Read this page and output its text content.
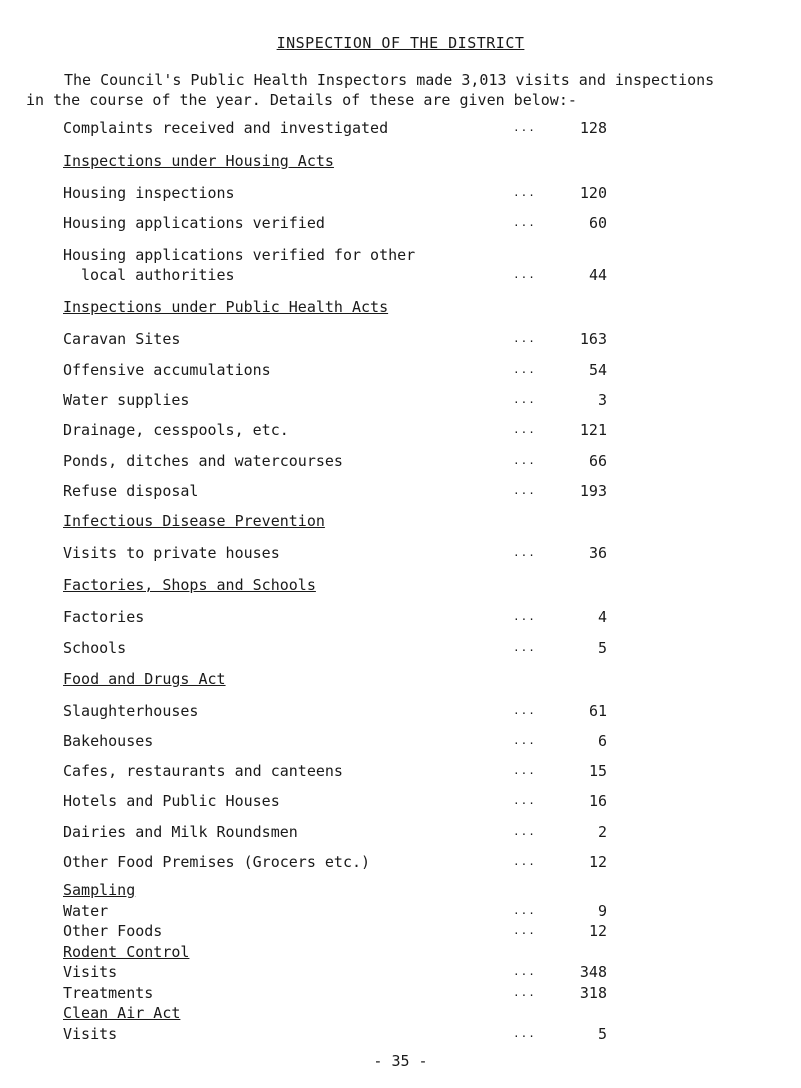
INSPECTION OF THE DISTRICT
The Council's Public Health Inspectors made 3,013 visits and inspections
in the course of the year. Details of these are given below:-
Complaints received and investigated	...	128
Inspections under Housing Acts
Housing inspections	...	120
Housing applications verified	...	60
Housing applications verified for other
local authorities	...	44
Inspections under Public Health Acts
Caravan Sites	...	163
Offensive accumulations	...	54
Water supplies	...	3
Drainage, cesspools, etc.	...	121
Ponds, ditches and watercourses	...	66
Refuse disposal	...	193
Infectious Disease Prevention
Visits to private houses	...	36
Factories, Shops and Schools
Factories	...	4
Schools	...	5
Food and Drugs Act
Slaughterhouses	...	61
Bakehouses	...	6
Cafes, restaurants and canteens	...	15
Hotels and Public Houses	...	16
Dairies and Milk Roundsmen	...	2
Other Food Premises (Grocers etc.)	...	12
Sampling
Water	...	9
Other Foods	...	12
Rodent Control
Visits	...	348
Treatments	...	318
Clean Air Act
Visits	...	5
- 35 -
